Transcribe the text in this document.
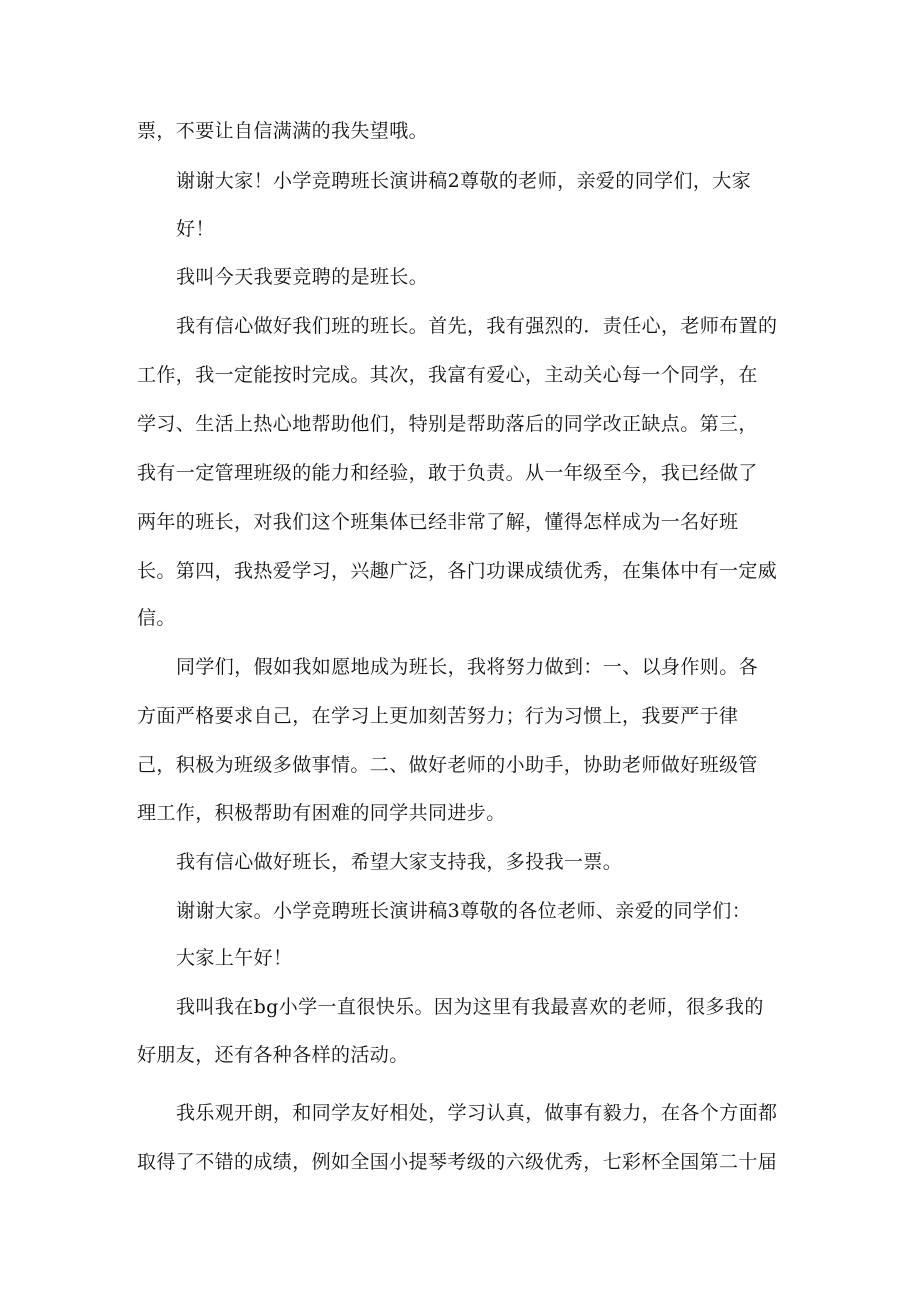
票，不要让自信满满的我失望哦。
谢谢大家！小学竞聘班长演讲稿2尊敬的老师，亲爱的同学们，大家
好！
我叫今天我要竞聘的是班长。
我有信心做好我们班的班长。首先，我有强烈的．责任心，老师布置的
工作，我一定能按时完成。其次，我富有爱心，主动关心每一个同学，在
学习、生活上热心地帮助他们，特别是帮助落后的同学改正缺点。第三，
我有一定管理班级的能力和经验，敢于负责。从一年级至今，我已经做了
两年的班长，对我们这个班集体已经非常了解，懂得怎样成为一名好班
长。第四，我热爱学习，兴趣广泛，各门功课成绩优秀，在集体中有一定威
信。
同学们，假如我如愿地成为班长，我将努力做到：一、以身作则。各
方面严格要求自己，在学习上更加刻苦努力；行为习惯上，我要严于律
己，积极为班级多做事情。二、做好老师的小助手，协助老师做好班级管
理工作，积极帮助有困难的同学共同进步。
我有信心做好班长，希望大家支持我，多投我一票。
谢谢大家。小学竞聘班长演讲稿3尊敬的各位老师、亲爱的同学们：
大家上午好！
我叫我在bg小学一直很快乐。因为这里有我最喜欢的老师，很多我的
好朋友，还有各种各样的活动。
我乐观开朗，和同学友好相处，学习认真，做事有毅力，在各个方面都
取得了不错的成绩，例如全国小提琴考级的六级优秀，七彩杯全国第二十届
